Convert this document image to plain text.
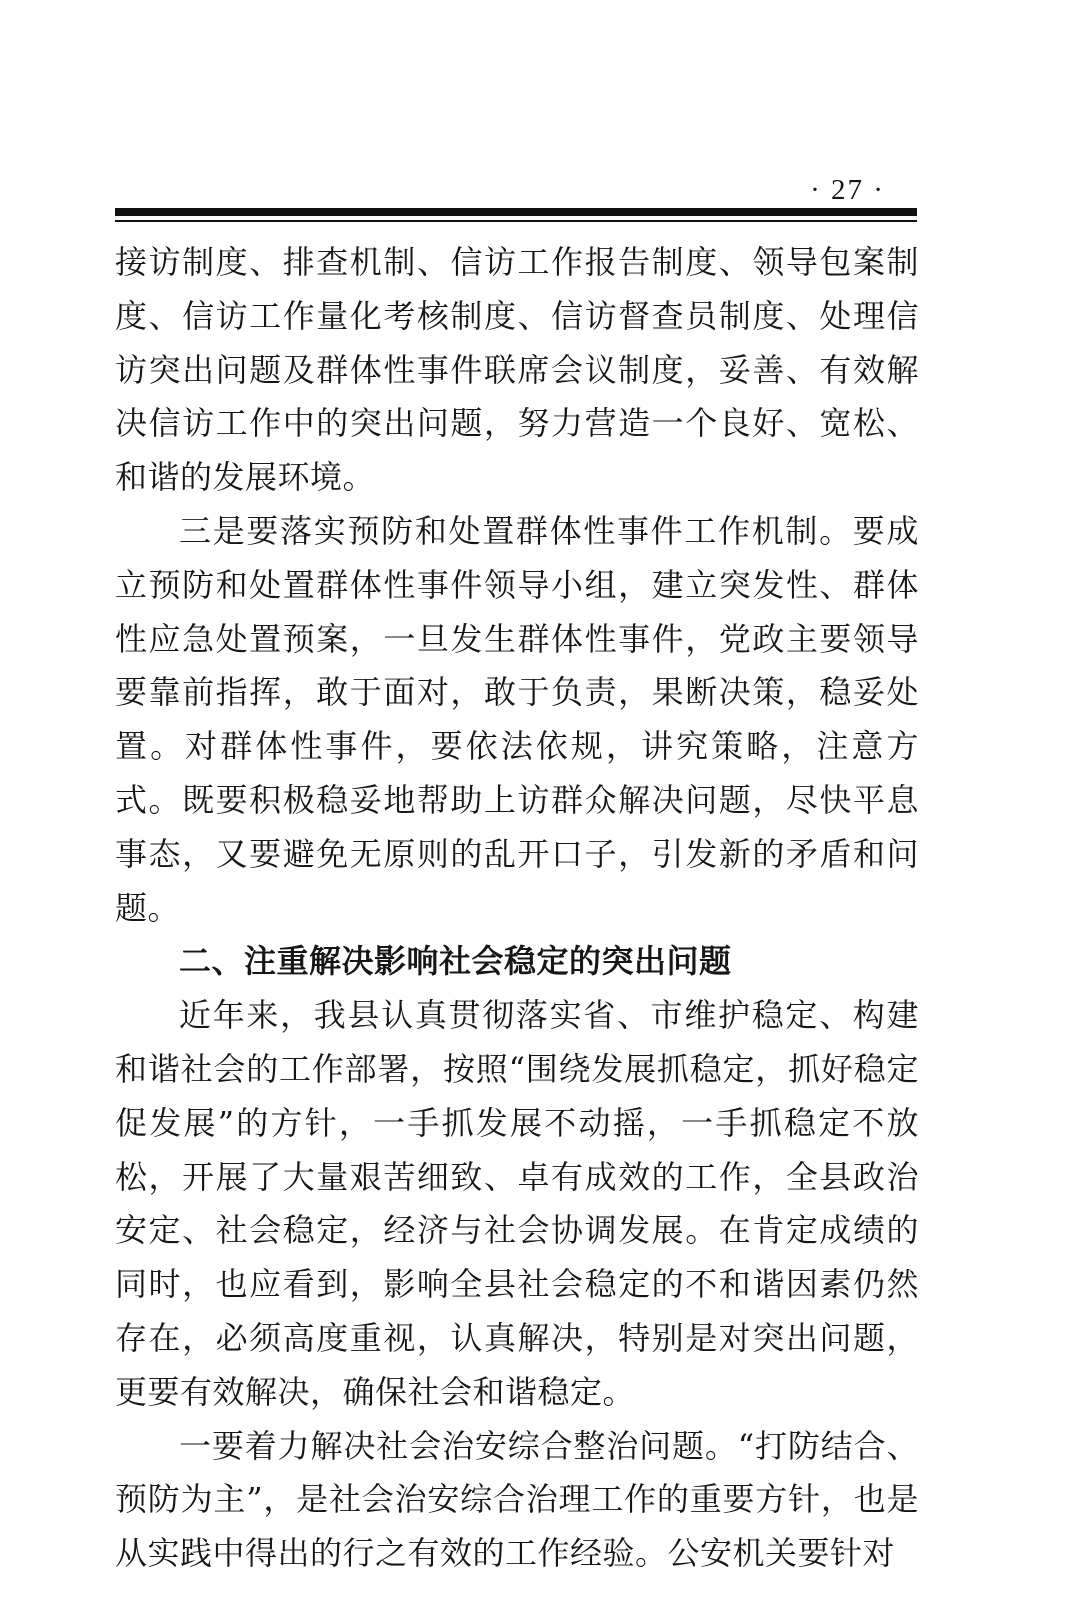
· 27 ·

接访制度、排查机制、信访工作报告制度、领导包案制度、信访工作量化考核制度、信访督查员制度、处理信访突出问题及群体性事件联席会议制度，妥善、有效解决信访工作中的突出问题，努力营造一个良好、宽松、和谐的发展环境。

三是要落实预防和处置群体性事件工作机制。要成立预防和处置群体性事件领导小组，建立突发性、群体性应急处置预案，一旦发生群体性事件，党政主要领导要靠前指挥，敢于面对，敢于负责，果断决策，稳妥处置。对群体性事件，要依法依规，讲究策略，注意方式。既要积极稳妥地帮助上访群众解决问题，尽快平息事态，又要避免无原则的乱开口子，引发新的矛盾和问题。

二、注重解决影响社会稳定的突出问题

近年来，我县认真贯彻落实省、市维护稳定、构建和谐社会的工作部署，按照“围绕发展抓稳定，抓好稳定促发展”的方针，一手抓发展不动摇，一手抓稳定不放松，开展了大量艰苦细致、卓有成效的工作，全县政治安定、社会稳定，经济与社会协调发展。在肯定成绩的同时，也应看到，影响全县社会稳定的不和谐因素仍然存在，必须高度重视，认真解决，特别是对突出问题，更要有效解决，确保社会和谐稳定。

一要着力解决社会治安综合整治问题。“打防结合、预防为主”，是社会治安综合治理工作的重要方针，也是从实践中得出的行之有效的工作经验。公安机关要针对
